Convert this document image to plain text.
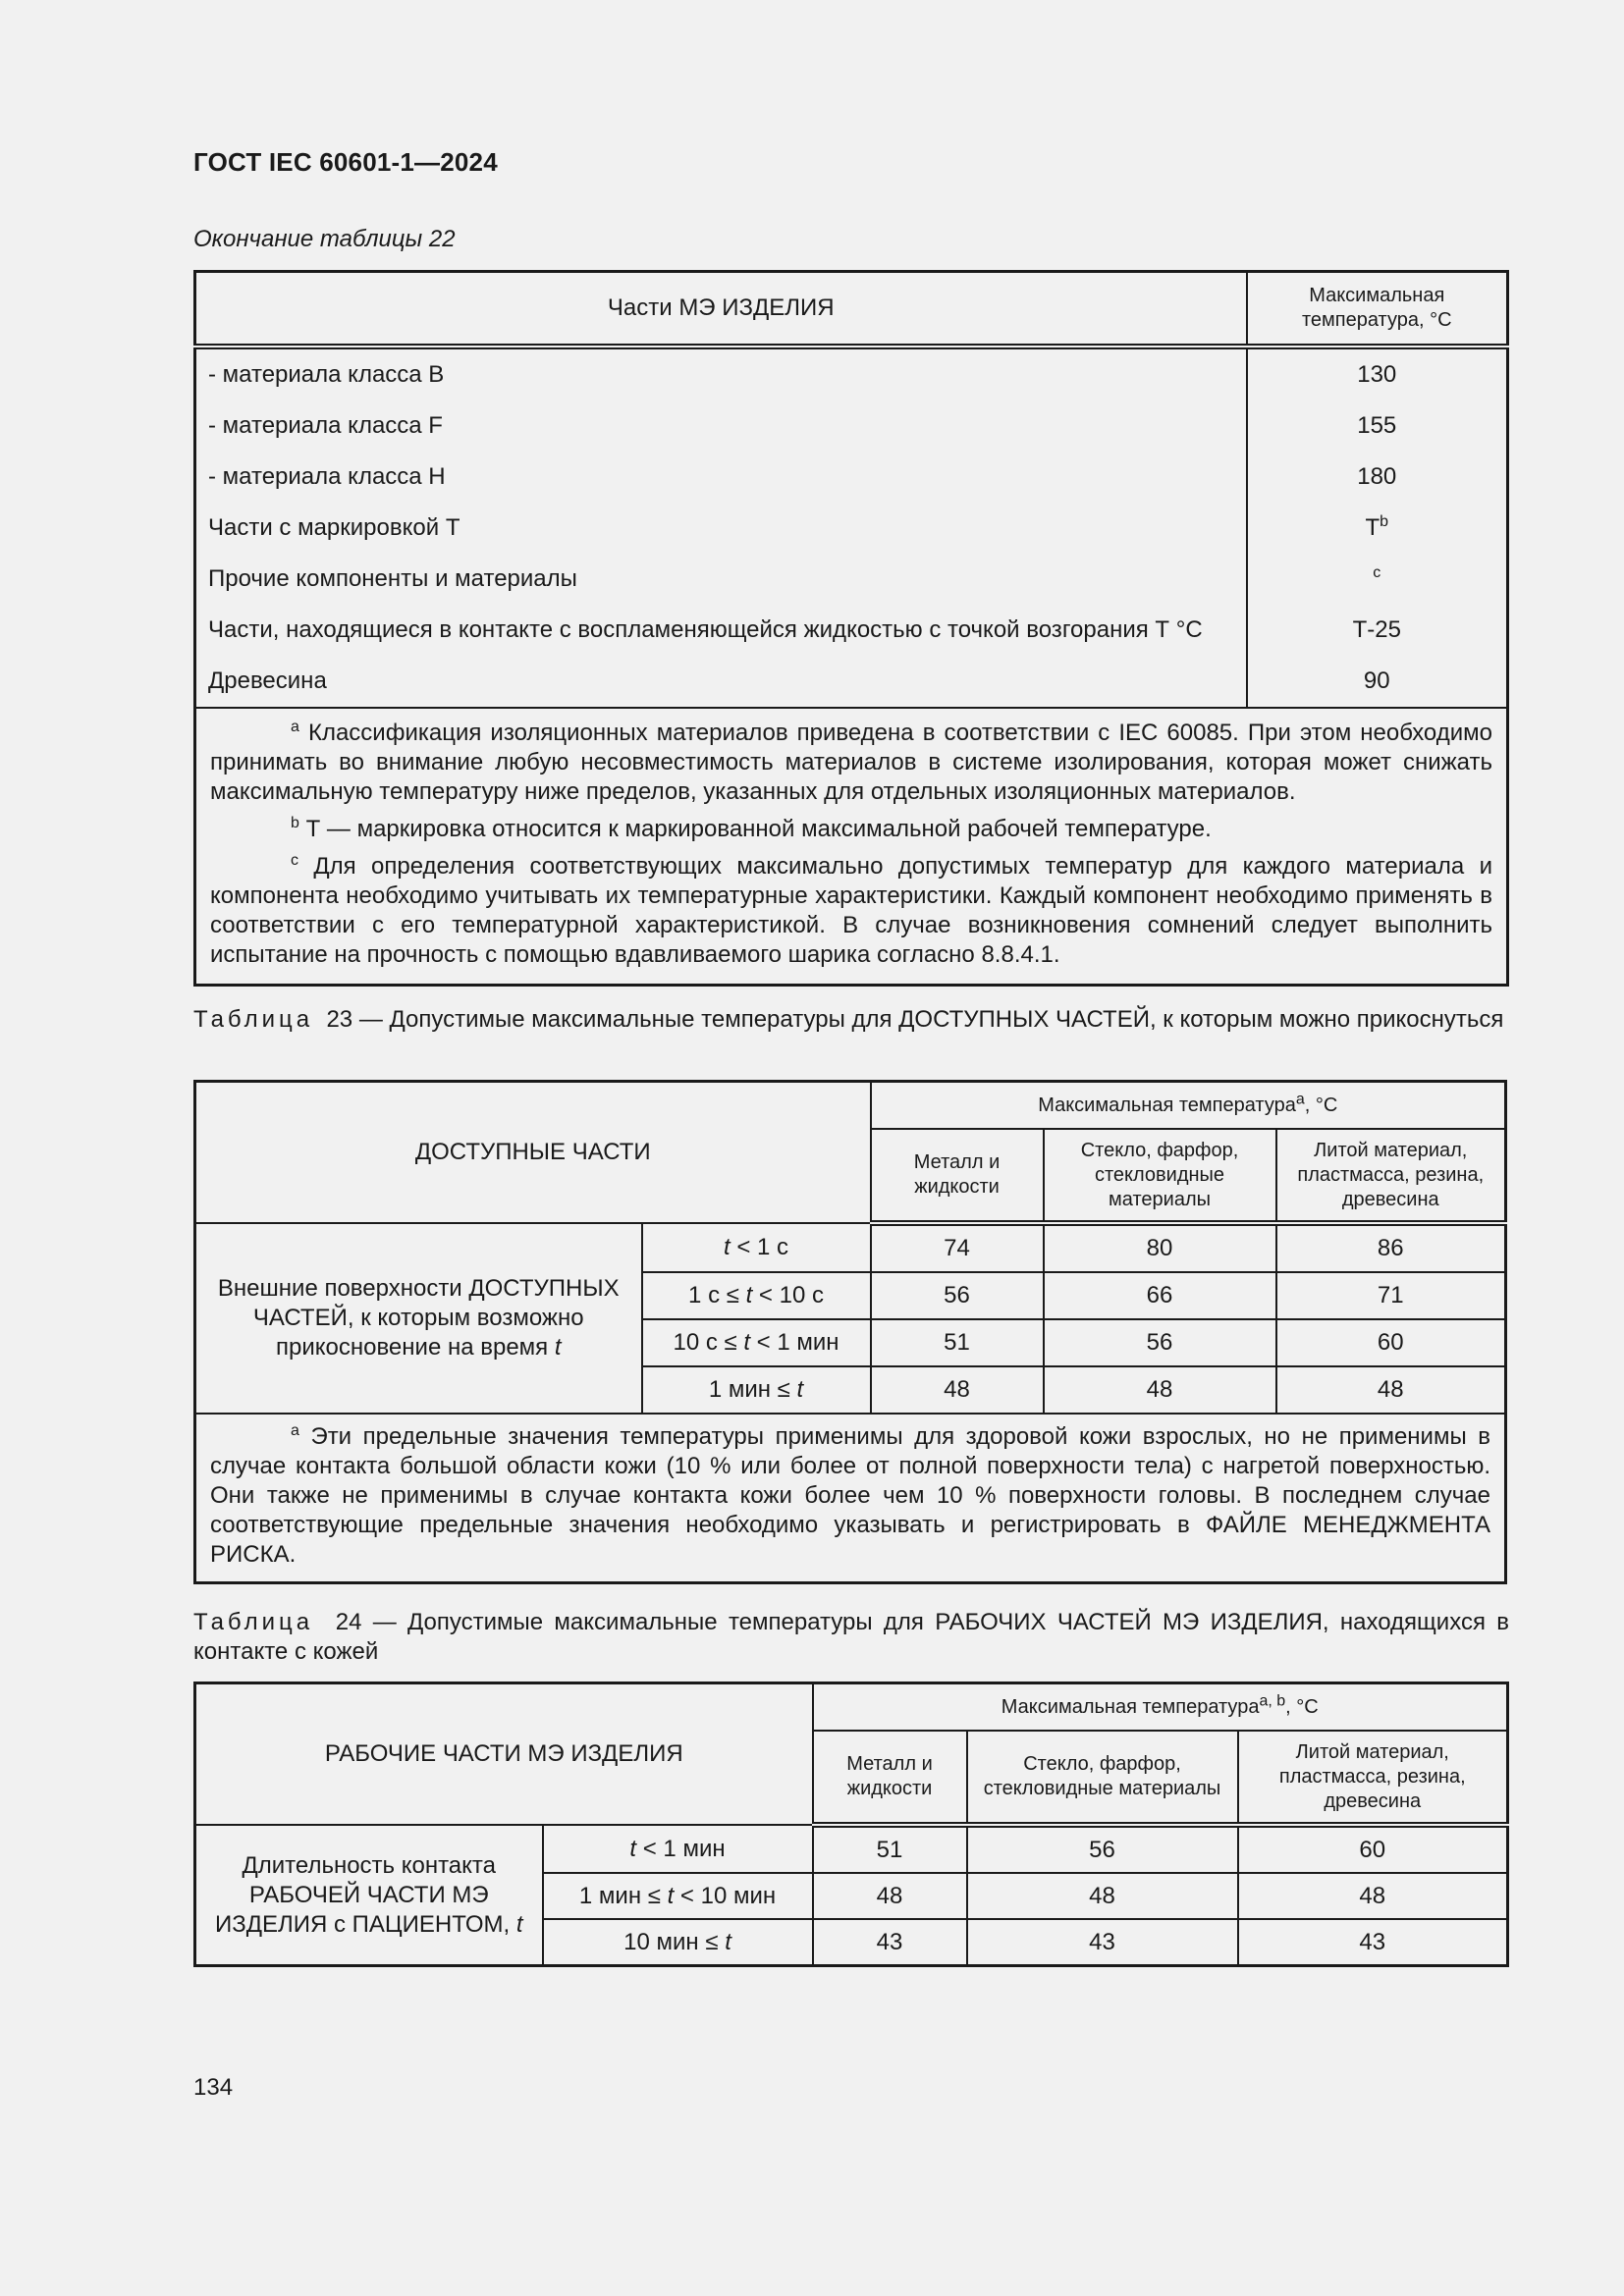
ГОСТ IEC 60601-1—2024
Окончание таблицы 22
Части МЭ ИЗДЕЛИЯ	Максимальная температура, °С
- материала класса В	130
- материала класса F	155
- материала класса Н	180
Части с маркировкой Т	$T^b$
Прочие компоненты и материалы	$^c$
Части, находящиеся в контакте с воспламеняющейся жидкостью с точкой возгорания Т °С	Т-25
Древесина	90

$^a$ Классификация изоляционных материалов приведена в соответствии с IEC 60085. При этом необходимо принимать во внимание любую несовместимость материалов в системе изолирования, которая может снижать максимальную температуру ниже пределов, указанных для отдельных изоляционных материалов.

$^b$ Т — маркировка относится к маркированной максимальной рабочей температуре.

$^c$ Для определения соответствующих максимально допустимых температур для каждого материала и компонента необходимо учитывать их температурные характеристики. Каждый компонент необходимо применять в соответствии с его температурной характеристикой. В случае возникновения сомнений следует выполнить испытание на прочность с помощью вдавливаемого шарика согласно 8.8.4.1.	

Таблица 23 — Допустимые максимальные температуры для ДОСТУПНЫХ ЧАСТЕЙ, к которым можно прикоснуться
ДОСТУПНЫЕ ЧАСТИ		Максимальная температура$^a$, °С		
		Металл и жидкости	Стекло, фарфор, стекловидные материалы	Литой материал, пластмасса, резина, древесина
Внешние поверхности ДОСТУПНЫХ ЧАСТЕЙ, к которым возможно прикосновение на время t	t < 1 с	74	80	86
	1 с ≤ t < 10 с	56	66	71
	10 с ≤ t < 1 мин	51	56	60
	1 мин ≤ t	48	48	48

$^a$ Эти предельные значения температуры применимы для здоровой кожи взрослых, но не применимы в случае контакта большой области кожи (10 % или более от полной поверхности тела) с нагретой поверхностью. Они также не применимы в случае контакта кожи более чем 10 % поверхности головы. В последнем случае соответствующие предельные значения необходимо указывать и регистрировать в ФАЙЛЕ МЕНЕДЖМЕНТА РИСКА.				

Таблица 24 — Допустимые максимальные температуры для РАБОЧИХ ЧАСТЕЙ МЭ ИЗДЕЛИЯ, находящихся в контакте с кожей
РАБОЧИЕ ЧАСТИ МЭ ИЗДЕЛИЯ		Максимальная температура$^{a, b}$, °С		
		Металл и жидкости	Стекло, фарфор, стекловидные материалы	Литой материал, пластмасса, резина, древесина
Длительность контакта РАБОЧЕЙ ЧАСТИ МЭ ИЗДЕЛИЯ с ПАЦИЕНТОМ, t	t < 1 мин	51	56	60
	1 мин ≤ t < 10 мин	48	48	48
	10 мин ≤ t	43	43	43
134
